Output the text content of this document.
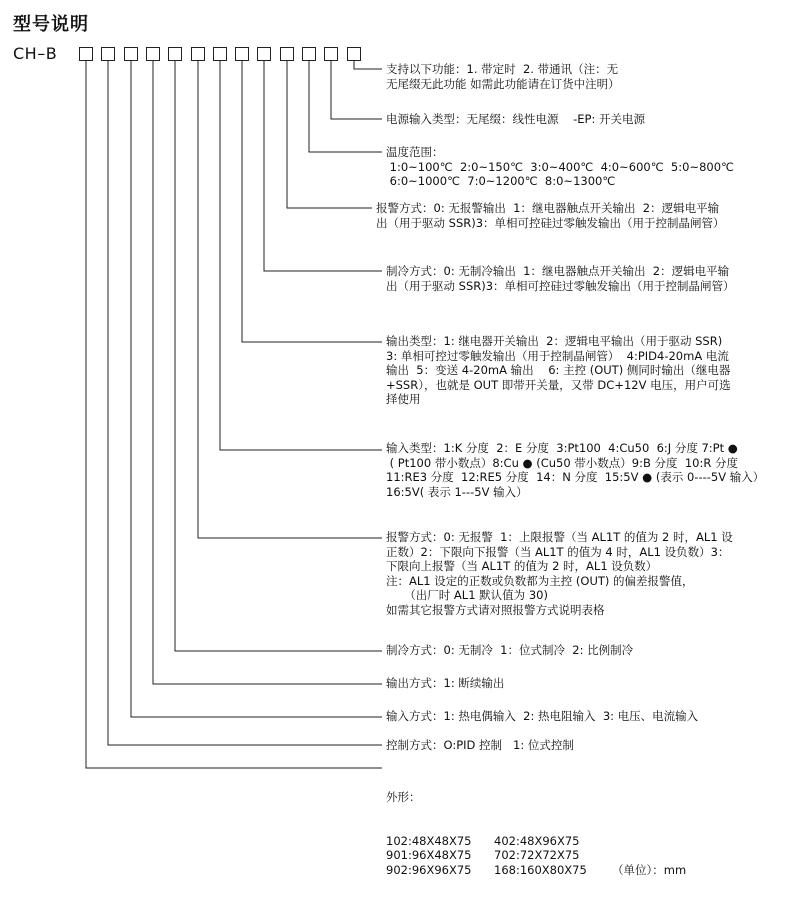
型号说明
CH–B
支持以下功能：1. 带定时  2. 带通讯（注：无
无尾缀无此功能 如需此功能请在订货中注明）
电源输入类型：无尾缀：线性电源    -EP: 开关电源
温度范围：
1:0~100℃  2:0~150℃  3:0~400℃  4:0~600℃  5:0~800℃
6:0~1000℃  7:0~1200℃  8:0~1300℃
报警方式：0: 无报警输出  1：继电器触点开关输出  2：逻辑电平输
出（用于驱动 SSR)3：单相可控硅过零触发输出（用于控制晶闸管）
制冷方式：0: 无制冷输出  1：继电器触点开关输出  2：逻辑电平输
出（用于驱动 SSR)3：单相可控硅过零触发输出（用于控制晶闸管）
输出类型：1: 继电器开关输出  2：逻辑电平输出（用于驱动 SSR)
3: 单相可控过零触发输出（用于控制晶闸管）  4:PID4-20mA 电流
输出  5：变送 4-20mA 输出    6: 主控 (OUT) 侧同时输出（继电器
+SSR），也就是 OUT 即带开关量，又带 DC+12V 电压，用户可选
择使用
输入类型：1:K 分度  2：E 分度  3:Pt100  4:Cu50  6:J 分度 7:Pt ●
( Pt100 带小数点）8:Cu ● (Cu50 带小数点）9:B 分度  10:R 分度
11:RE3 分度  12:RE5 分度  14：N 分度  15:5V ● (表示 0----5V 输入）
16:5V( 表示 1---5V 输入）
报警方式：0: 无报警  1：上限报警（当 AL1T 的值为 2 时，AL1 设
正数）2：下限向下报警（当 AL1T 的值为 4 时，AL1 设负数）3：
下限向上报警（当 AL1T 的值为 2 时，AL1 设负数）
注：AL1 设定的正数或负数都为主控 (OUT) 的偏差报警值，
（出厂时 AL1 默认值为 30)
如需其它报警方式请对照报警方式说明表格
制冷方式：0: 无制冷  1：位式制冷  2: 比例制冷
输出方式：1: 断续输出
输入方式：1: 热电偶输入  2: 热电阻输入  3: 电压、电流输入
控制方式：O:PID 控制   1: 位式控制

外形：

102:48X48X75	402:48X96X75
901:96X48X75	702:72X72X75
902:96X96X75	168:160X80X75	（单位）：mm
